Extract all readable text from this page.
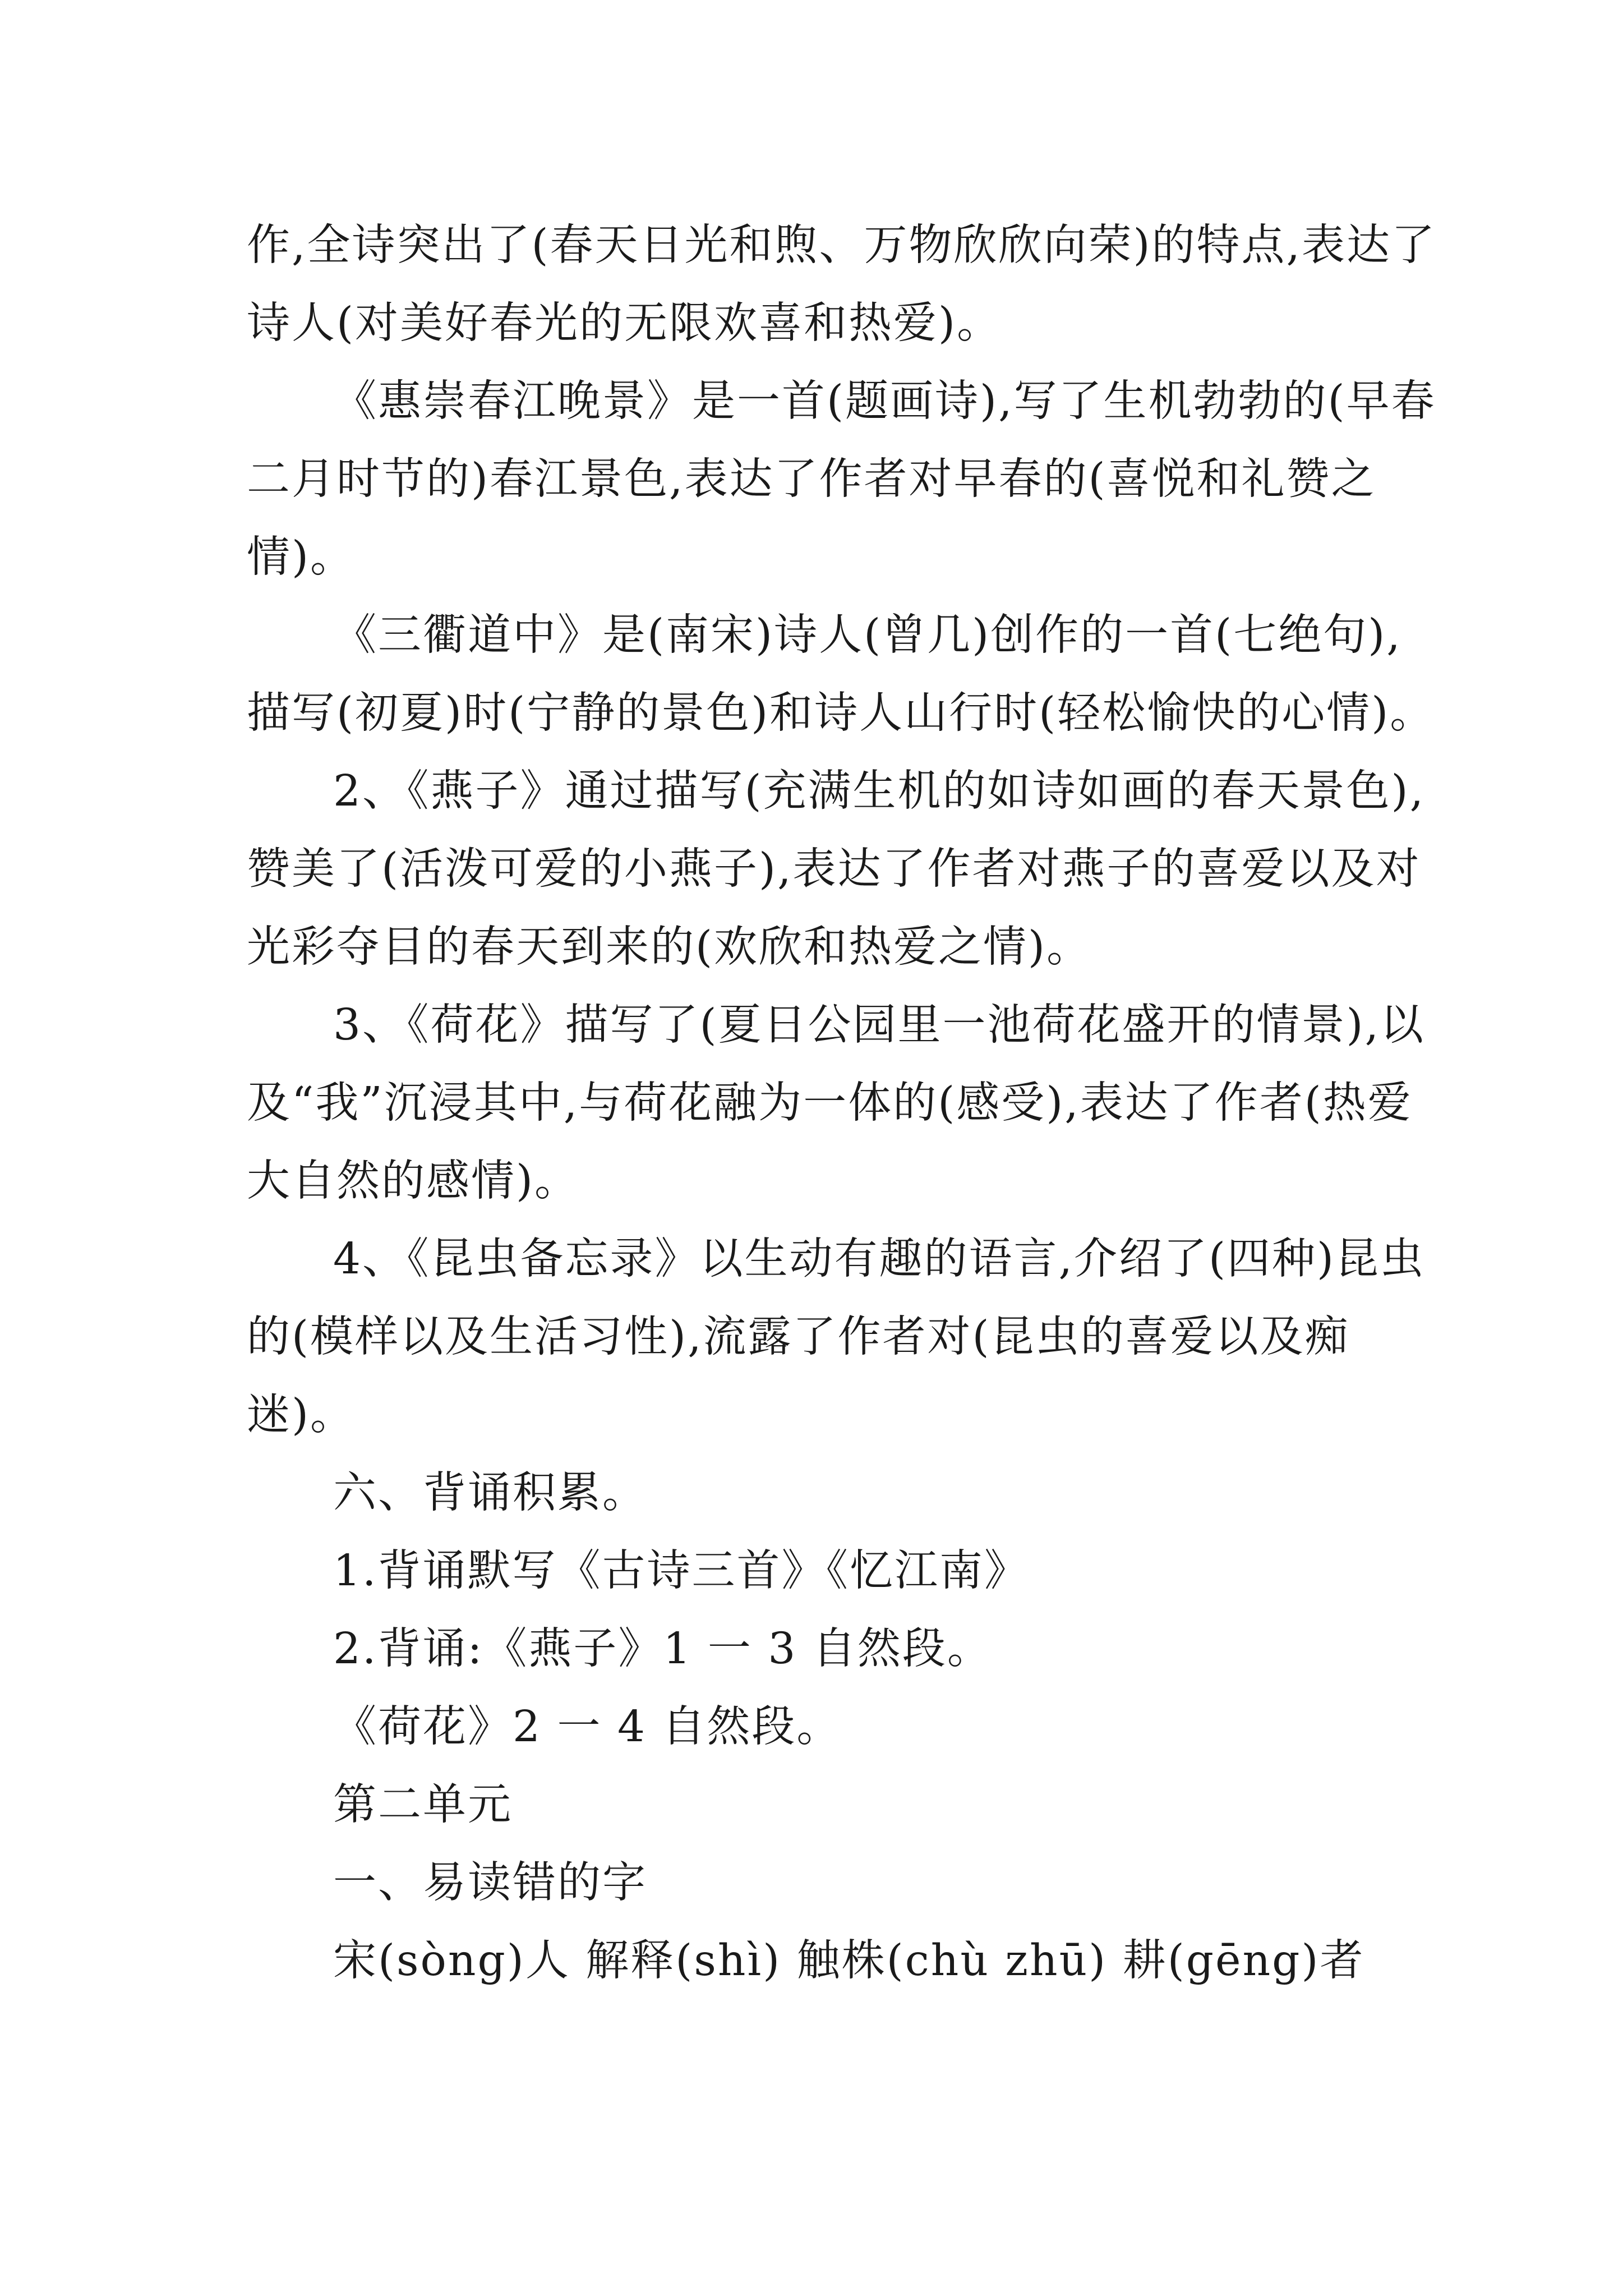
作,全诗突出了(春天日光和煦、万物欣欣向荣)的特点,表达了诗人(对美好春光的无限欢喜和热爱)。

《惠崇春江晚景》是一首(题画诗),写了生机勃勃的(早春二月时节的)春江景色,表达了作者对早春的(喜悦和礼赞之情)。

《三衢道中》是(南宋)诗人(曾几)创作的一首(七绝句),描写(初夏)时(宁静的景色)和诗人山行时(轻松愉快的心情)。

2、《燕子》通过描写(充满生机的如诗如画的春天景色),赞美了(活泼可爱的小燕子),表达了作者对燕子的喜爱以及对光彩夺目的春天到来的(欢欣和热爱之情)。

3、《荷花》描写了(夏日公园里一池荷花盛开的情景),以及“我”沉浸其中,与荷花融为一体的(感受),表达了作者(热爱大自然的感情)。

4、《昆虫备忘录》以生动有趣的语言,介绍了(四种)昆虫的(模样以及生活习性),流露了作者对(昆虫的喜爱以及痴迷)。

六、背诵积累。

1.背诵默写《古诗三首》《忆江南》

2.背诵:《燕子》1 一 3 自然段。

《荷花》2 一 4 自然段。

第二单元

一、易读错的字

宋(sòng)人 解释(shì) 触株(chù zhū) 耕(gēng)者
